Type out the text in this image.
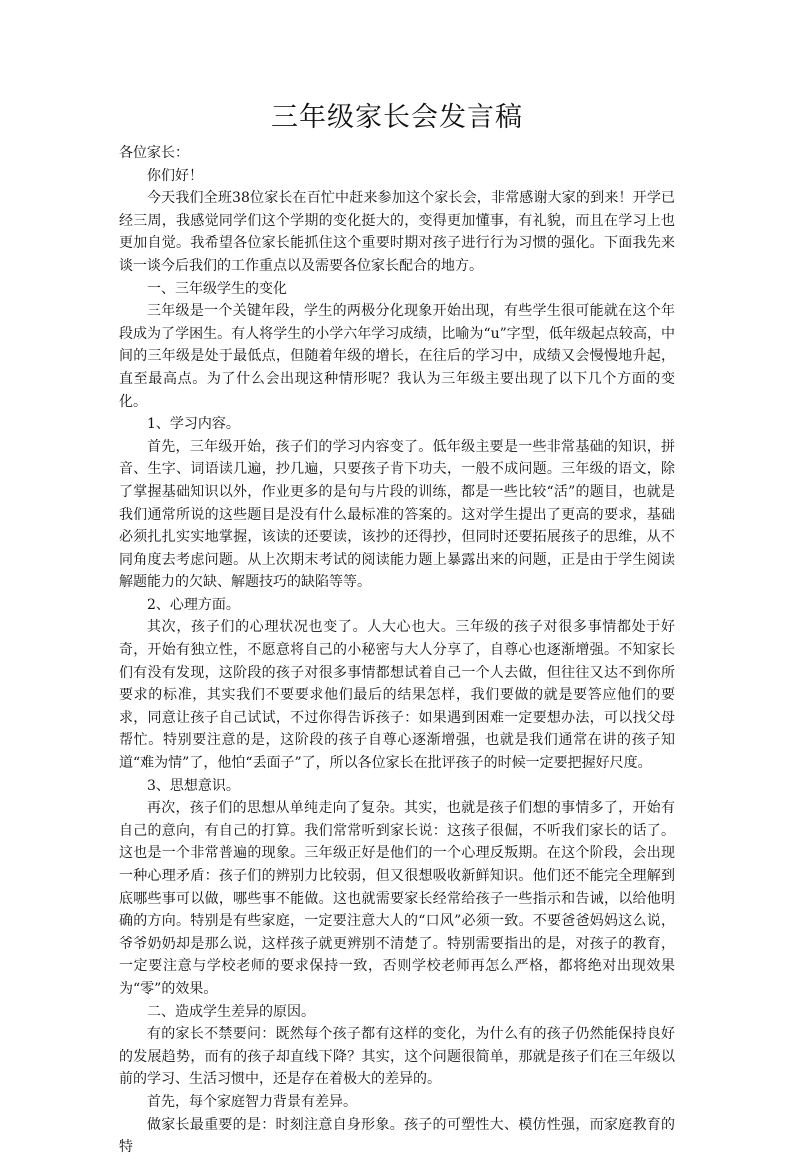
三年级家长会发言稿

各位家长：

你们好！

今天我们全班38位家长在百忙中赶来参加这个家长会，非常感谢大家的到来！开学已经三周，我感觉同学们这个学期的变化挺大的，变得更加懂事，有礼貌，而且在学习上也更加自觉。我希望各位家长能抓住这个重要时期对孩子进行行为习惯的强化。下面我先来谈一谈今后我们的工作重点以及需要各位家长配合的地方。

一、三年级学生的变化

三年级是一个关键年段，学生的两极分化现象开始出现，有些学生很可能就在这个年段成为了学困生。有人将学生的小学六年学习成绩，比喻为“u”字型，低年级起点较高，中间的三年级是处于最低点，但随着年级的增长，在往后的学习中，成绩又会慢慢地升起，直至最高点。为了什么会出现这种情形呢？我认为三年级主要出现了以下几个方面的变化。

1、学习内容。

首先，三年级开始，孩子们的学习内容变了。低年级主要是一些非常基础的知识，拼音、生字、词语读几遍，抄几遍，只要孩子肯下功夫，一般不成问题。三年级的语文，除了掌握基础知识以外，作业更多的是句与片段的训练，都是一些比较“活”的题目，也就是我们通常所说的这些题目是没有什么最标准的答案的。这对学生提出了更高的要求，基础必须扎扎实实地掌握，该读的还要读，该抄的还得抄，但同时还要拓展孩子的思维，从不同角度去考虑问题。从上次期末考试的阅读能力题上暴露出来的问题，正是由于学生阅读解题能力的欠缺、解题技巧的缺陷等等。

2、心理方面。

其次，孩子们的心理状况也变了。人大心也大。三年级的孩子对很多事情都处于好奇，开始有独立性，不愿意将自己的小秘密与大人分享了，自尊心也逐渐增强。不知家长们有没有发现，这阶段的孩子对很多事情都想试着自己一个人去做，但往往又达不到你所要求的标准，其实我们不要要求他们最后的结果怎样，我们要做的就是要答应他们的要求，同意让孩子自己试试，不过你得告诉孩子：如果遇到困难一定要想办法，可以找父母帮忙。特别要注意的是，这阶段的孩子自尊心逐渐增强，也就是我们通常在讲的孩子知道“难为情”了，他怕“丢面子”了，所以各位家长在批评孩子的时候一定要把握好尺度。

3、思想意识。

再次，孩子们的思想从单纯走向了复杂。其实，也就是孩子们想的事情多了，开始有自己的意向，有自己的打算。我们常常听到家长说：这孩子很倔，不听我们家长的话了。这也是一个非常普遍的现象。三年级正好是他们的一个心理反叛期。在这个阶段，会出现一种心理矛盾：孩子们的辨别力比较弱，但又很想吸收新鲜知识。他们还不能完全理解到底哪些事可以做，哪些事不能做。这也就需要家长经常给孩子一些指示和告诫，以给他明确的方向。特别是有些家庭，一定要注意大人的“口风”必须一致。不要爸爸妈妈这么说，爷爷奶奶却是那么说，这样孩子就更辨别不清楚了。特别需要指出的是，对孩子的教育，一定要注意与学校老师的要求保持一致，否则学校老师再怎么严格，都将绝对出现效果为“零”的效果。

二、造成学生差异的原因。

有的家长不禁要问：既然每个孩子都有这样的变化，为什么有的孩子仍然能保持良好的发展趋势，而有的孩子却直线下降？其实，这个问题很简单，那就是孩子们在三年级以前的学习、生活习惯中，还是存在着极大的差异的。

首先，每个家庭智力背景有差异。

做家长最重要的是：时刻注意自身形象。孩子的可塑性大、模仿性强，而家庭教育的特
